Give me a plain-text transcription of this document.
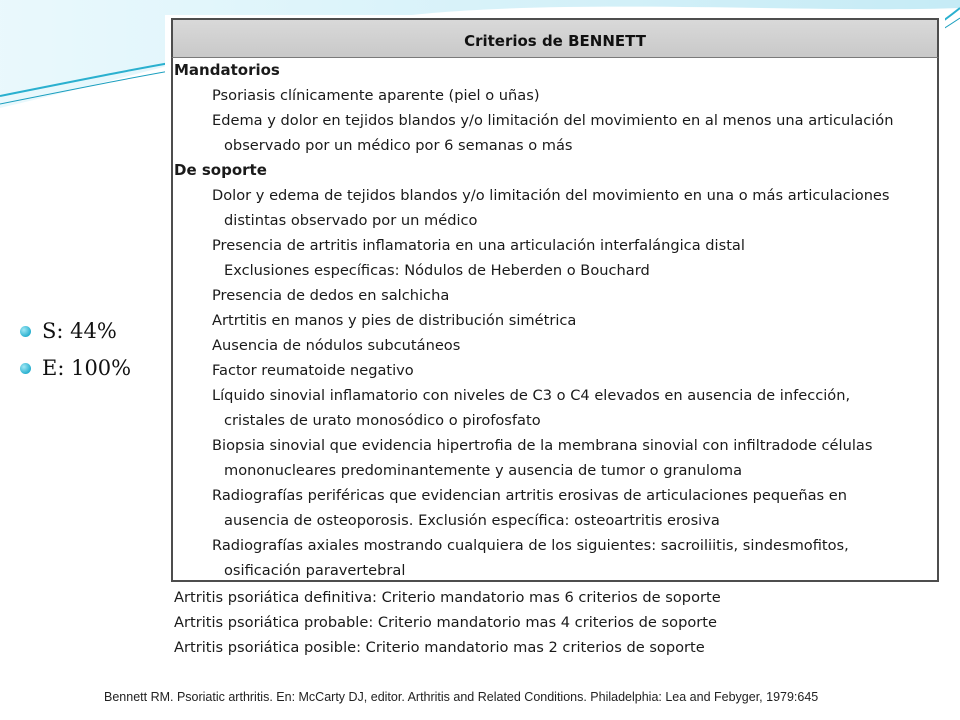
S: 44%
E: 100%
Criterios de BENNETT
Mandatorios
Psoriasis clínicamente aparente (piel o uñas)
Edema y dolor en tejidos blandos y/o limitación del movimiento en al menos una articulación
observado por un médico por 6 semanas o más
De soporte
Dolor y edema de tejidos blandos y/o limitación del movimiento en una o más articulaciones
distintas observado por un médico
Presencia de artritis inflamatoria en una articulación interfalángica distal
Exclusiones específicas: Nódulos de Heberden o Bouchard
Presencia de dedos en salchicha
Artrtitis en manos y pies de distribución simétrica
Ausencia de nódulos subcutáneos
Factor reumatoide negativo
Líquido sinovial inflamatorio con niveles de C3 o C4 elevados en ausencia de infección,
cristales de urato monosódico o pirofosfato
Biopsia sinovial que evidencia hipertrofia de la membrana sinovial con infiltradode células
mononucleares predominantemente y ausencia de tumor o granuloma
Radiografías periféricas que evidencian artritis erosivas de articulaciones pequeñas en
ausencia de osteoporosis. Exclusión específica: osteoartritis erosiva
Radiografías axiales mostrando cualquiera de los siguientes: sacroiliitis, sindesmofitos,
osificación paravertebral
Artritis psoriática definitiva: Criterio mandatorio mas 6 criterios de soporte
Artritis psoriática probable: Criterio mandatorio mas 4 criterios de soporte
Artritis psoriática posible: Criterio mandatorio mas 2 criterios de soporte
Bennett RM. Psoriatic arthritis. En: McCarty DJ, editor. Arthritis and Related Conditions. Philadelphia: Lea and Febyger, 1979:645
